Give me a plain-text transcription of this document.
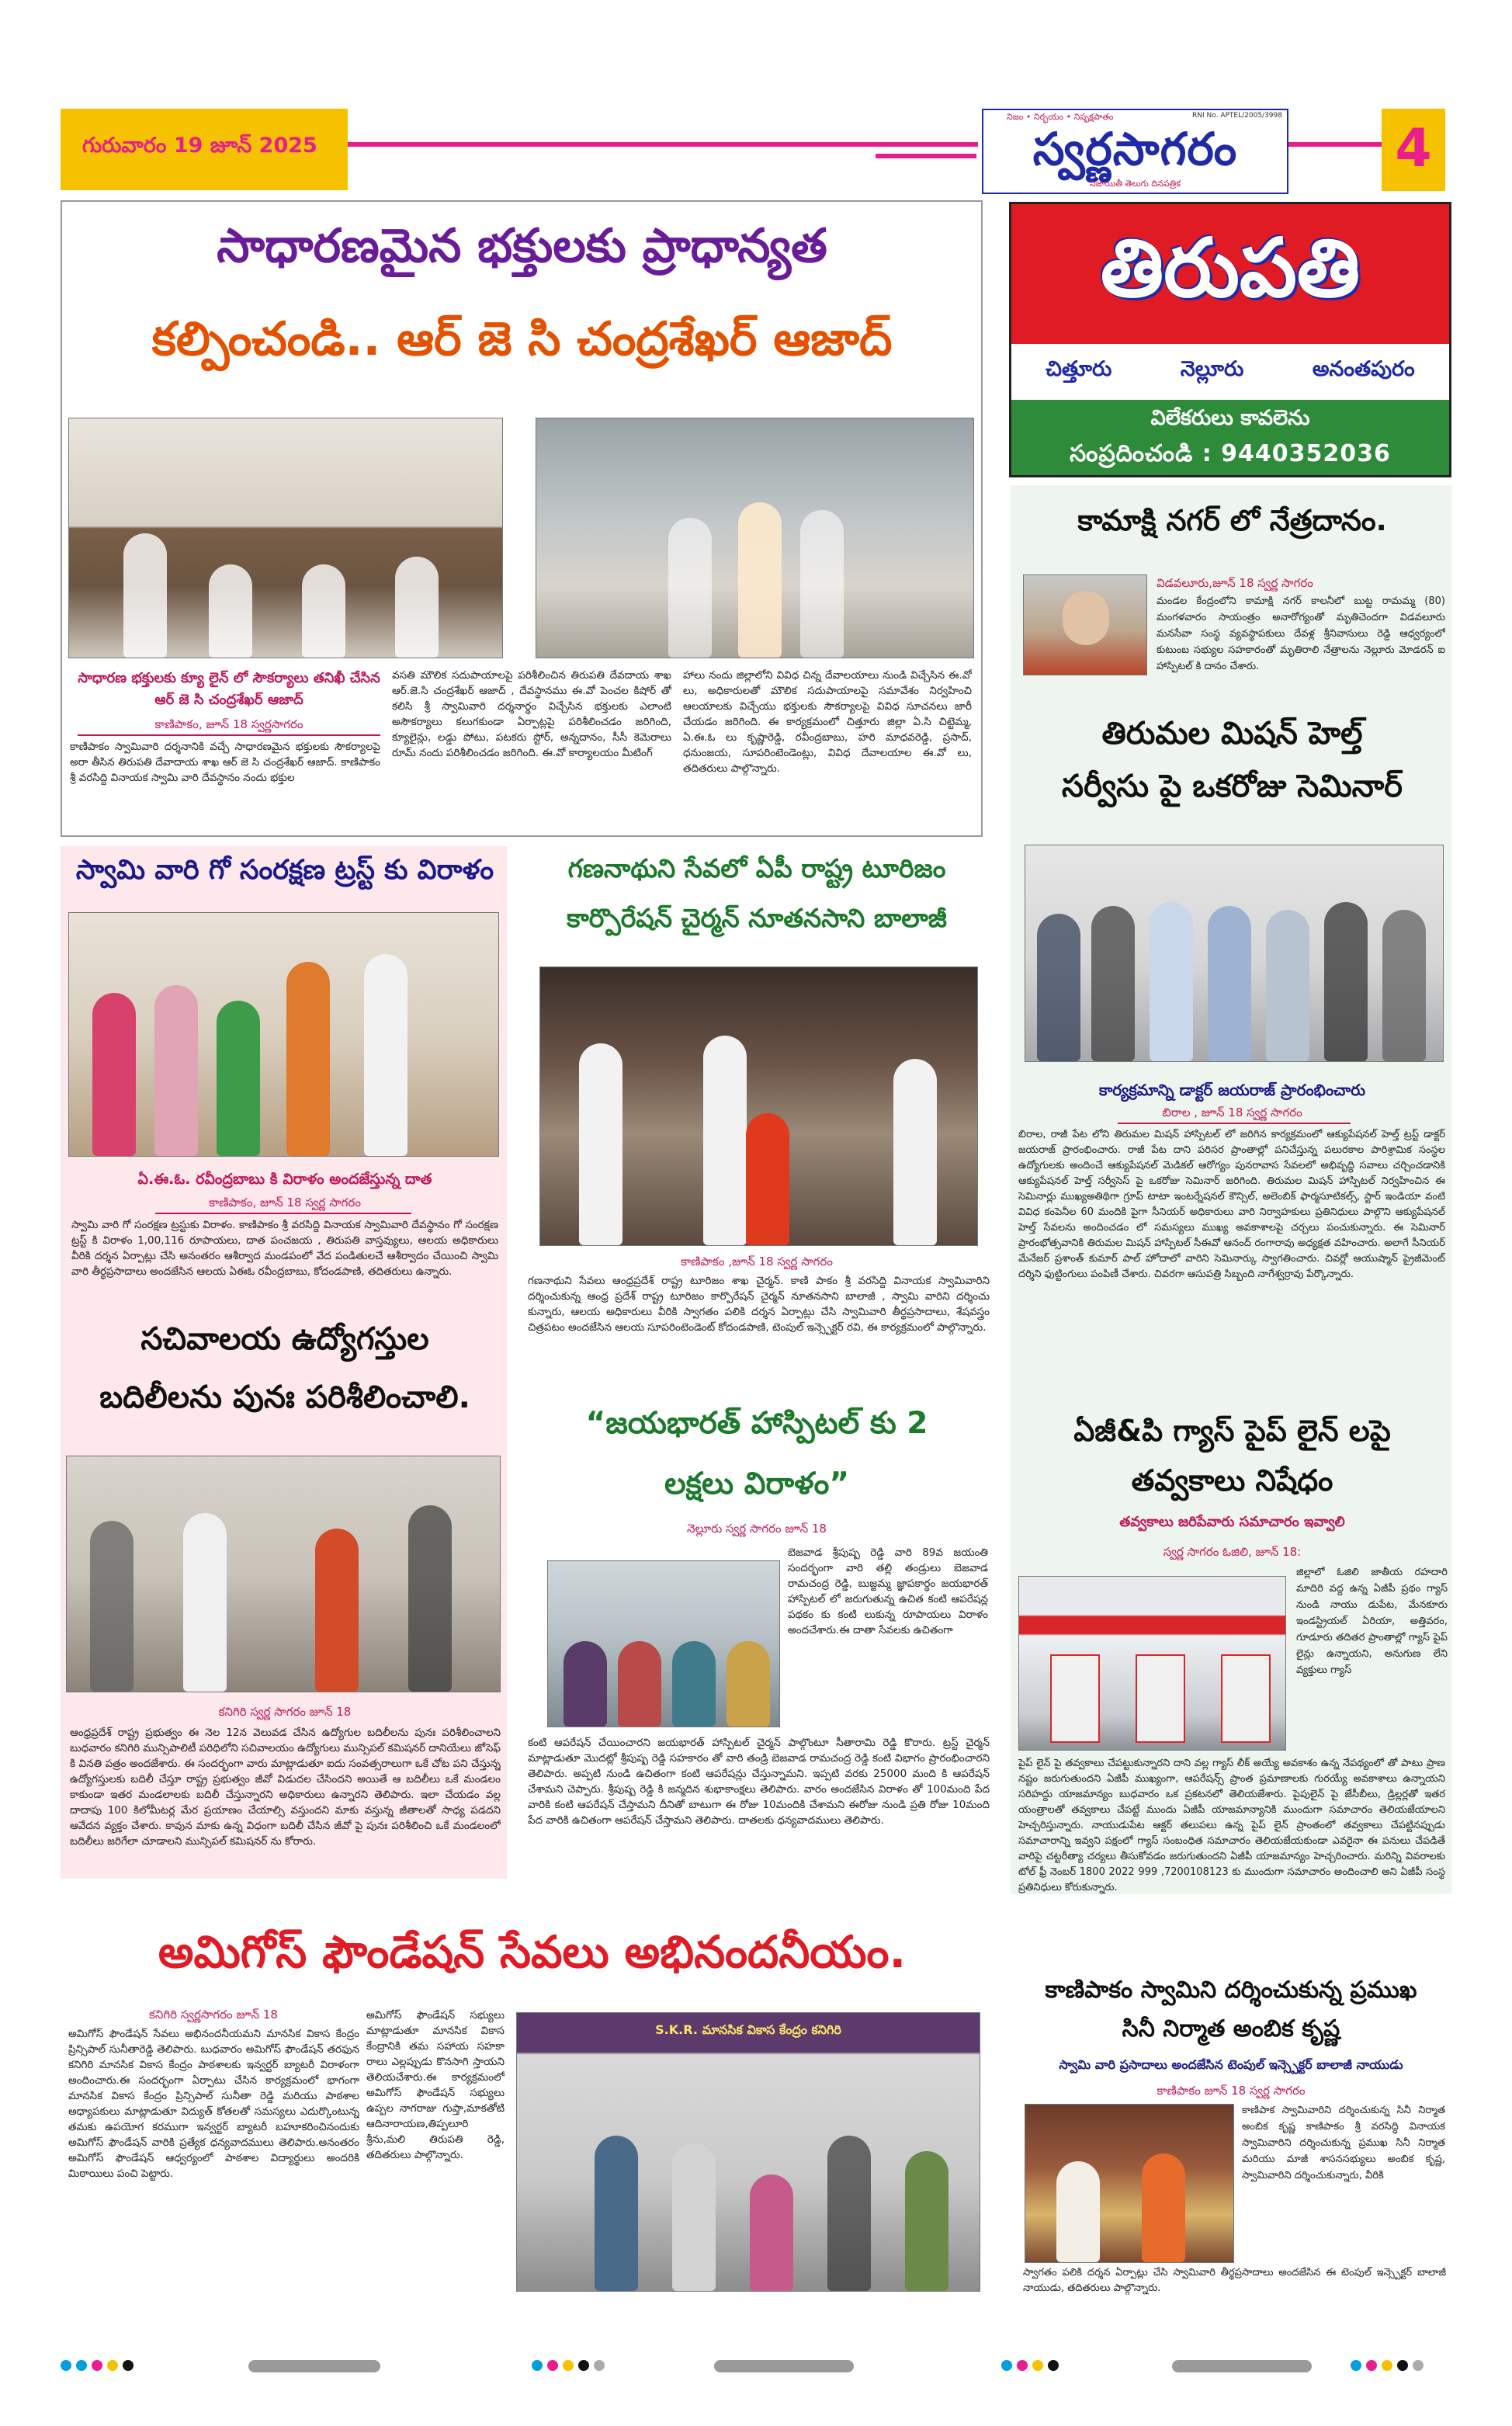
గురువారం 19 జూన్ 2025
నిజం • నిర్భయం • నిష్పక్షపాతం	RNI No. APTEL/2005/3998
స్వర్ణసాగరం
నిజాయితీ తెలుగు దినపత్రిక
4
తిరుపతి
చిత్తూరు	నెల్లూరు	అనంతపురం
విలేకరులు కావలెను
సంప్రదించండి : 9440352036
సాధారణమైన భక్తులకు ప్రాధాన్యత
కల్పించండి.. ఆర్ జె సి చంద్రశేఖర్ ఆజాద్
సాధారణ భక్తులకు క్యూ లైన్ లో సౌకర్యాలు తనిఖీ చేసిన ఆర్ జె సి చంద్రశేఖర్ ఆజాద్
కాణిపాకం, జూన్ 18 స్వర్ణసాగరం
కాణిపాకం స్వామివారి దర్శనానికి వచ్చే సాధారణమైన భక్తులకు సౌకర్యాలపై అరా తీసిన తిరుపతి దేవాదాయ శాఖ ఆర్ జె సి చంద్రశేఖర్ ఆజాద్. కాణిపాకం శ్రీ వరసిద్ది వినాయక స్వామి వారి దేవస్థానం నందు భక్తుల
వసతి మౌలిక సదుపాయాలపై పరిశీలించిన తిరుపతి దేవదాయ శాఖ ఆర్.జె.సి చంద్రశేఖర్ ఆజాద్ , దేవస్థానము ఈ.వో పెంచల కిషోర్ తో కలిసి శ్రీ స్వామివారి దర్శనార్థం విచ్చేసిన భక్తులకు ఎలాంటి అసౌకర్యాలు కలుగకుండా ఏర్పాట్లపై పరిశీలించడం జరిగింది, క్యూలైన్లు, లడ్డు పోటు, పటకరు స్టోర్, అన్నదానం, సీసీ కెమెరాలు రూమ్ నందు పరిశీలించడం జరిగింది. ఈ.వో కార్యాలయం మీటింగ్
హాలు నందు జిల్లాలోని వివిధ చిన్న దేవాలయాలు నుండి విచ్చేసిన ఈ.వో లు, అధికారులతో మౌలిక సదుపాయాలపై సమావేశం నిర్వహించి ఆలయాలకు విచ్చేయు భక్తులకు సౌకర్యాలపై వివిధ సూచనలు జారీ చేయడం జరిగింది. ఈ కార్యక్రమంలో చిత్తూరు జిల్లా ఏ.సి చిట్టెమ్మ, ఏ.ఈ.ఓ లు కృష్ణారెడ్డి, రవీంద్రబాబు, హరి మాధవరెడ్డి, ప్రసాద్, ధనుంజయ, సూపరింటెండెంట్లు, వివిధ దేవాలయాల ఈ.వో లు, తదితరులు పాల్గొన్నారు.
కామాక్షి నగర్ లో నేత్రదానం.
విడవలూరు,జూన్ 18 స్వర్ణ సాగరం
మండల కేంద్రంలోని కామాక్షి నగర్ కాలనీలో బుట్ట రామమ్మ (80) మంగళవారం సాయంత్రం అనారోగ్యంతో మృతిచెందగా విడవలూరు మనసేవా సంస్థ వ్యవస్థాపకులు దేవళ్ల శ్రీనివాసులు రెడ్డి ఆధ్వర్యంలో కుటుంబ సభ్యుల సహకారంతో మృతిరాలి నేత్రాలను నెల్లూరు మోడరన్ ఐ హాస్పిటల్ కి దానం చేశారు.
తిరుమల మిషన్ హెల్త్
సర్వీసు పై ఒకరోజు సెమినార్
కార్యక్రమాన్ని డాక్టర్ జయరాజ్ ప్రారంభించారు
బిరాల , జూన్ 18 స్వర్ణ సాగరం
బిరాల, రాజీ పేట లోని తిరుమల మిషన్ హాస్పిటల్ లో జరిగిన కార్యక్రమంలో ఆక్యుపేషనల్ హెల్త్ ట్రస్ట్ డాక్టర్ జయరాజ్ ప్రారంభించారు. రాజీ పేట దాని పరిసర ప్రాంతాల్లో పనిచేస్తున్న పలురకాల పారిశ్రామిక సంస్థల ఉద్యోగులకు అందించే ఆక్యుపేషనల్ మెడికల్ ఆరోగ్యం పునరావాస సేవలలో అభివృద్ధి సవాలు చర్చించడానికి ఆక్యుపేషనల్ హెల్త్ సర్వీసెస్ పై ఒకరోజు సెమినార్ జరిగింది. తిరుమల మిషన్ హాస్పిటల్ నిర్వహించిన ఈ సెమినార్లు ముఖ్యఅతిథిగా గ్రూప్ టాటా ఇంటర్నేషనల్ కౌన్సిల్, అలెంబిక్ ఫార్మసూటికల్స్, స్టార్ ఇండియా వంటి వివిధ కంపెనీల 60 మందికి పైగా సీనియర్ అధికారులు వారి నిర్వాహకులు ప్రతినిధులు పాల్గొని ఆక్యుపేషనల్ హెల్త్ సేవలను అందించడం లో సమస్యలు ముఖ్య అవకాశాలపై చర్చలు పంచుకున్నారు. ఈ సెమినార్ ప్రారంభోత్సవానికి తిరుమల మిషన్ హాస్పిటల్ సీఈవో ఆనంద్ రంగారావు అధ్యక్షత వహించారు. అలాగే సీనియర్ మేనేజర్ ప్రశాంత్ కుమార్ పాల్ హోదాలో వారిని సెమినార్కు స్వాగతించారు. చివర్లో ఆయుష్మాన్ ప్రైజీమెంట్ దర్శిని ఫుట్టింగులు పంపిణీ చేశారు. చివరగా ఆసుపత్రి సిబ్బంది నాగేశ్వర్రావు పేర్కొన్నారు.
ఏజీ&పి గ్యాస్ పైప్ లైన్ లపై
తవ్వకాలు నిషేధం
తవ్వకాలు జరిపేవారు సమాచారం ఇవ్వాలి
స్వర్ణ సాగరం ఓజిలి, జూన్ 18:
జిల్లాలో ఓజిలి జాతీయ రహదారి మాదిరి వద్ద ఉన్న ఏజీపీ ప్రథం గ్యాస్ నుండి నాయు డుపేట, మేనకూరు ఇండస్ట్రియల్ ఏరియా, అత్తివరం, గూడూరు తదితర ప్రాంతాల్లో గ్యాస్ పైప్ లైన్లు ఉన్నాయని, అనుగుణ లేని వ్యక్తులు గ్యాస్
పైప్ లైన్ పై తవ్వకాలు చేపట్టుకున్నారని దాని వల్ల గ్యాస్ లీక్ అయ్యే అవకాశం ఉన్న నేపథ్యంలో తో పాటు ప్రాణ నష్టం జరుగుతుందని ఏజీపీ ముఖ్యంగా, ఆపరేషన్స్ ప్రాంత ప్రమాణాలకు గురయ్యే అవకాశాలు ఉన్నాయని సరిహద్దు యాజమాన్యం బుధవారం ఒక ప్రకటనలో తెలియజేశారు. పైపులైన్ పై జేసీబీలు, డ్రిల్లర్లతో ఇతర యంత్రాలతో తవ్వకాలు చేపట్టే ముందు ఏజీపీ యాజమాన్యానికి ముందుగా సమాచారం తెలియజేయాలని హెచ్చరిస్తున్నారు. నాయుడుపేట ఆక్టర్ తలుపలు ఉన్న పైప్ లైన్ ప్రాంతంలో తవ్వకాలు చేపట్టినప్పుడు సమాచారాన్ని ఇవ్వని పక్షంలో గ్యాస్ సంబంధిత సమాచారం తెలియజేయకుండా ఎవరైనా ఈ పనులు చేపడితే వారిపై చట్టరీత్యా చర్యలు తీసుకోవడం జరుగుతుందని ఏజీపీ యాజమాన్యం హెచ్చరించారు. మరిన్ని వివరాలకు టోల్ ఫ్రీ నెంబర్ 1800 2022 999 ,7200108123 కు ముందుగా సమాచారం అందించాలి అని ఏజీపీ సంస్థ ప్రతినిధులు కోరుకున్నారు.
కాణిపాకం స్వామిని దర్శించుకున్న ప్రముఖ
సినీ నిర్మాత అంబిక కృష్ణ
స్వామి వారి ప్రసాదాలు అందజేసిన టెంపుల్ ఇన్స్పెక్టర్ బాలాజీ నాయుడు
కాణిపాకం జూన్ 18 స్వర్ణ సాగరం
కాణిపాక స్వామివారిని దర్శించుకున్న సినీ నిర్మాత అంబిక కృష్ణ కాణిపాకం శ్రీ వరసిద్ధి వినాయక స్వామివారిని దర్శించుకున్న ప్రముఖ సినీ నిర్మాత మరియు మాజీ శాసనసభ్యులు అంబిక కృష్ణ, స్వామివారిని దర్శించుకున్నారు, వీరికి
స్వాగతం పలికి దర్శన ఏర్పాట్లు చేసి స్వామివారి తీర్థప్రసాదాలు అందజేసిన ఈ టెంపుల్ ఇన్స్పెక్టర్ బాలాజీ నాయుడు, తదితరులు పాల్గొన్నారు.
స్వామి వారి గో సంరక్షణ ట్రస్ట్ కు విరాళం
ఏ.ఈ.ఓ. రవీంద్రబాబు కి విరాళం అందజేస్తున్న దాత
కాణిపాకం, జూన్ 18 స్వర్ణ సాగరం
స్వామి వారి గో సంరక్షణ ట్రస్టుకు విరాళం. కాణిపాకం శ్రీ వరసిద్ది వినాయక స్వామివారి దేవస్థానం గో సంరక్షణ ట్రస్ట్ కి విరాళం 1,00,116 రూపాయలు, దాత పంచజయ , తిరుపతి వాస్తవ్యులు, ఆలయ అధికారులు వీరికి దర్శన ఏర్పాట్లు చేసి అనంతరం ఆశీర్వాద మండపంలో వేద పండితులచే ఆశీర్వాదం చేయించి స్వామి వారి తీర్థప్రసాదాలు అందజేసిన ఆలయ ఏఈఓ రవీంద్రబాబు, కోదండపాణి, తదితరులు ఉన్నారు.
గణనాథుని సేవలో ఏపీ రాష్ట్ర టూరిజం
కార్పొరేషన్ చైర్మన్ నూతనసాని బాలాజీ
కాణిపాకం ,జూన్ 18 స్వర్ణ సాగరం
గణనాథుని సేవలు ఆంధ్రప్రదేశ్ రాష్ట్ర టూరిజం శాఖ చైర్మన్. కాణి పాకం శ్రీ వరసిద్ది వినాయక స్వామివారిని దర్శించుకున్న ఆంధ్ర ప్రదేశ్ రాష్ట్ర టూరిజం కార్పొరేషన్ చైర్మన్ నూతనసాని బాలాజీ , స్వామి వారిని దర్శించు కున్నారు, ఆలయ అధికారులు వీరికి స్వాగతం పలికి దర్శన ఏర్పాట్లు చేసి స్వామివారి తీర్థప్రసాదాలు, శేషవస్త్రం చిత్రపటం అందజేసిన ఆలయ సూపరింటెండెంట్ కోదండపాణి, టెంపుల్ ఇన్స్పెక్టర్ రవి, ఈ కార్యక్రమంలో పాల్గొన్నారు.
సచివాలయ ఉద్యోగస్తుల
బదిలీలను పునః పరిశీలించాలి.
కనిగిరి స్వర్ణ సాగరం జూన్ 18
ఆంధ్రప్రదేశ్ రాష్ట్ర ప్రభుత్వం ఈ నెల 12న వెలువడ చేసిన ఉద్యోగుల బదిలీలను పునః పరిశీలించాలని బుధవారం కనిగిరి మున్సిపాలిటీ పరిధిలోని సచివాలయం ఉద్యోగులు మున్సిపల్ కమిషనర్ దానియేలు జోసెఫ్ కి వినతి పత్రం అందజేశారు. ఈ సందర్భంగా వారు మాట్లాడుతూ ఐదు సంవత్సరాలుగా ఒకే చోట పని చేస్తున్న ఉద్యోగస్తులకు బదిలీ చేస్తూ రాష్ట్ర ప్రభుత్వం జీవో విడుదల చేసిందని అయితే ఆ బదిలీలు ఒకే మండలం కాకుండా ఇతర మండలాలకు బదిలీ చేస్తున్నారని అధికారులు ఉన్నారని తెలిపారు. ఇలా చేయడం వల్ల దాదాపు 100 కిలోమీటర్ల మేర ప్రయాణం చేయాల్సి వస్తుందని మాకు వస్తున్న జీతాలతో సాధ్య పడదని ఆవేదన వ్యక్తం చేశారు. కావున మాకు ఉన్న విధంగా బదిలీ చేసిన జీవో పై పునః పరిశీలించి ఒకే మండలంలో బదిలీలు జరిగేలా చూడాలని మున్సిపల్ కమిషనర్ ను కోరారు.
“జయభారత్ హాస్పిటల్ కు 2
లక్షలు విరాళం”
నెల్లూరు స్వర్ణ సాగరం జూన్ 18
బెజవాడ శ్రీపుష్ప రెడ్డి వారి 89వ జయంతి సందర్భంగా వారి తల్లి తండ్రులు బెజవాడ రామచంద్ర రెడ్డి, బుజ్జమ్మ జ్ఞాపకార్థం జయభారత్ హాస్పిటల్ లో జరుగుతున్న ఉచిత కంటి ఆపరేషన్ల పథకం కు కంటి లుకున్న రూపాయలు విరాళం అందచేశారు.ఈ దాతా సేవలకు ఉచితంగా
కంటి ఆపరేషన్ చేయించారని జయభారత్ హాస్పిటల్ చైర్మన్ పాల్గొంటూ సీతారామి రెడ్డి కొరారు. ట్రస్ట్ చైర్మన్ మాట్లాడుతూ మొదట్లో శ్రీపుష్ప రెడ్డి సహకారం తో వారి తండ్రి బెజవాడ రామచంద్ర రెడ్డి కంటి విభాగం ప్రారంభించారని తెలిపారు. అప్పటి నుండి ఉచితంగా కంటి ఆపరేషన్లు చేస్తున్నామని. ఇప్పటి వరకు 25000 మంది కి ఆపరేషన్ చేశామని చెప్పారు. శ్రీపుష్ప రెడ్డి కి జన్మదిన శుభాకాంక్షలు తెలిపారు. వారం అందజేసిన విరాళం తో 100మంది పేద వారికి కంటి ఆపరేషన్ చేస్తామని దీనితో బాటుగా ఈ రోజు 10మందికి చేశామని ఈరోజు నుండి ప్రతి రోజు 10మంది పేద వారికి ఉచితంగా ఆపరేషన్ చేస్తామని తెలిపారు. దాతలకు ధన్యవాదములు తెలిపారు.
అమిగోస్ ఫౌండేషన్ సేవలు అభినందనీయం.
కనిగిరి స్వర్ణసాగరం జూన్ 18
అమిగోస్ ఫౌండేషన్ సేవలు అభినందనీయమని మానసిక వికాస కేంద్రం ప్రిన్సిపాల్ సునీతారెడ్డి తెలిపారు. బుధవారం అమిగోస్ ఫౌండేషన్ తరఫున కనిగిరి మానసిక వికాస కేంద్రం పాఠశాలకు ఇన్వర్టర్ బ్యాటరీ విరాళంగా అందించారు.ఈ సందర్భంగా ఏర్పాటు చేసిన కార్యక్రమంలో భాగంగా మానసిక వికాస కేంద్రం ప్రిన్సిపాల్ సునీతా రెడ్డి మరియు పాఠశాల అధ్యాపకులు మాట్లాడుతూ విద్యుత్ కోతలతో సమస్యలు ఎదుర్కొంటున్న తమకు ఉపయోగ కరముగా ఇన్వర్టర్ బ్యాటరీ బహూకరించినందుకు అమిగోస్ ఫౌండేషన్ వారికి ప్రత్యేక ధన్యవాదములు తెలిపారు.అనంతరం అమిగోస్ ఫౌండేషన్ ఆధ్వర్యంలో పాఠశాల విద్యార్థులు అందరికి మిఠాయిలు పంచి పెట్టారు.
అమిగోస్ ఫౌండేషన్ సభ్యులు మాట్లాడుతూ మానసిక వికాస కేంద్రానికి తమ సహాయ సహకా రాలు ఎల్లప్పుడు కొనసాగి స్తాయని తెలియచేశారు.ఈ కార్యక్రమంలో అమిగోస్ ఫౌండేషన్ సభ్యులు ఉప్పల నాగరాజు గుప్తా,మాకతోటి ఆదినారాయణ,తిప్పలూరి శ్రీను,మలి తిరుపతి రెడ్డి, తదితరులు పాల్గొన్నారు.
S.K.R. మానసిక వికాస కేంద్రం కనిగిరి
